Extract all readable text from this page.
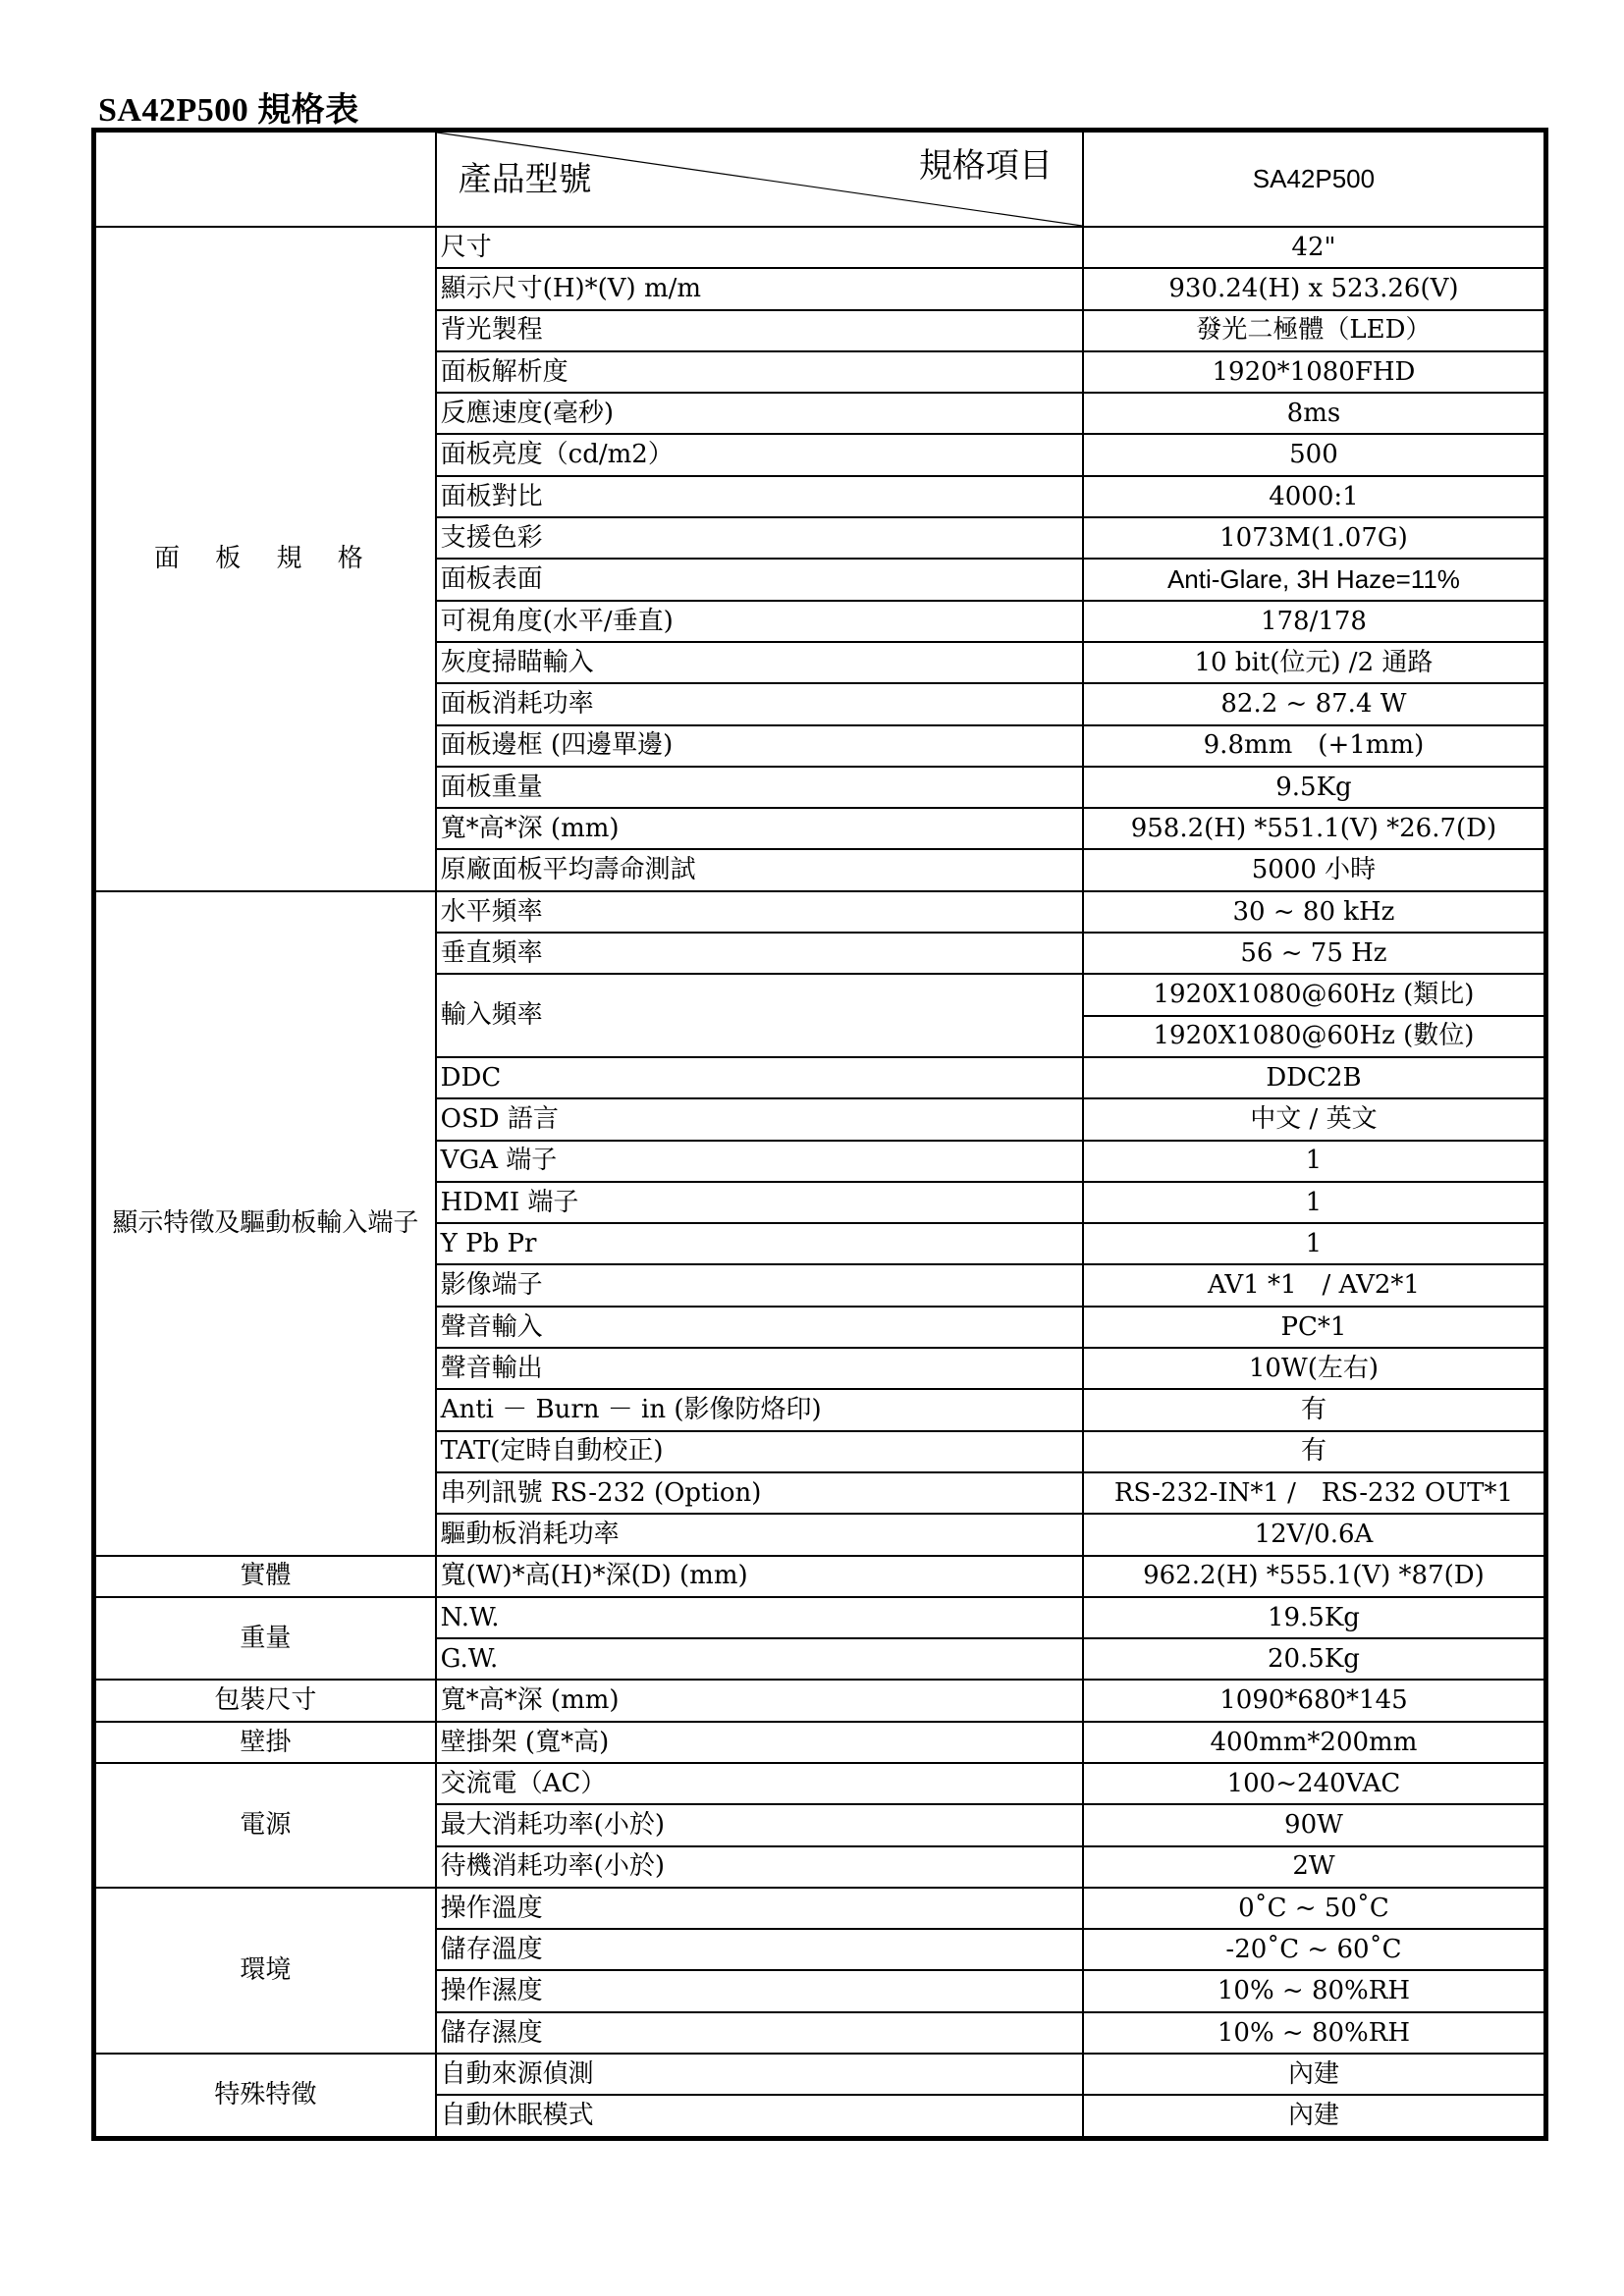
SA42P500 規格表

	產品型號 規格項目	SA42P500
面 板 規 格	尺寸	42"
	顯示尺寸(H)*(V) m/m	930.24(H) x 523.26(V)
	背光製程	發光二極體（LED）
	面板解析度	1920*1080FHD
	反應速度(毫秒)	8ms
	面板亮度（cd/m2）	500
	面板對比	4000:1
	支援色彩	1073M(1.07G)
	面板表面	Anti-Glare, 3H Haze=11%
	可視角度(水平/垂直)	178/178
	灰度掃瞄輸入	10 bit(位元) /2 通路
	面板消耗功率	82.2 ~ 87.4 W
	面板邊框 (四邊單邊)	9.8mm　(+1mm)
	面板重量	9.5Kg
	寬*高*深 (mm)	958.2(H) *551.1(V) *26.7(D)
	原廠面板平均壽命測試	5000 小時
顯示特徵及驅動板輸入端子	水平頻率	30 ~ 80 kHz
	垂直頻率	56 ~ 75 Hz
	輸入頻率	1920X1080@60Hz (類比)
		1920X1080@60Hz (數位)
	DDC	DDC2B
	OSD 語言	中文 / 英文
	VGA 端子	1
	HDMI 端子	1
	Y Pb Pr	1
	影像端子	AV1 *1　/ AV2*1
	聲音輸入	PC*1
	聲音輸出	10W(左右)
	Anti － Burn － in (影像防烙印)	有
	TAT(定時自動校正)	有
	串列訊號 RS-232 (Option)	RS-232-IN*1 /　RS-232 OUT*1
	驅動板消耗功率	12V/0.6A
實體	寬(W)*高(H)*深(D) (mm)	962.2(H) *555.1(V) *87(D)
重量	N.W.	19.5Kg
	G.W.	20.5Kg
包裝尺寸	寬*高*深 (mm)	1090*680*145
壁掛	壁掛架 (寬*高)	400mm*200mm
電源	交流電（AC）	100~240VAC
	最大消耗功率(小於)	90W
	待機消耗功率(小於)	2W
環境	操作溫度	0˚C ~ 50˚C
	儲存溫度	-20˚C ~ 60˚C
	操作濕度	10% ~ 80%RH
	儲存濕度	10% ~ 80%RH
特殊特徵	自動來源偵測	內建
	自動休眠模式	內建
